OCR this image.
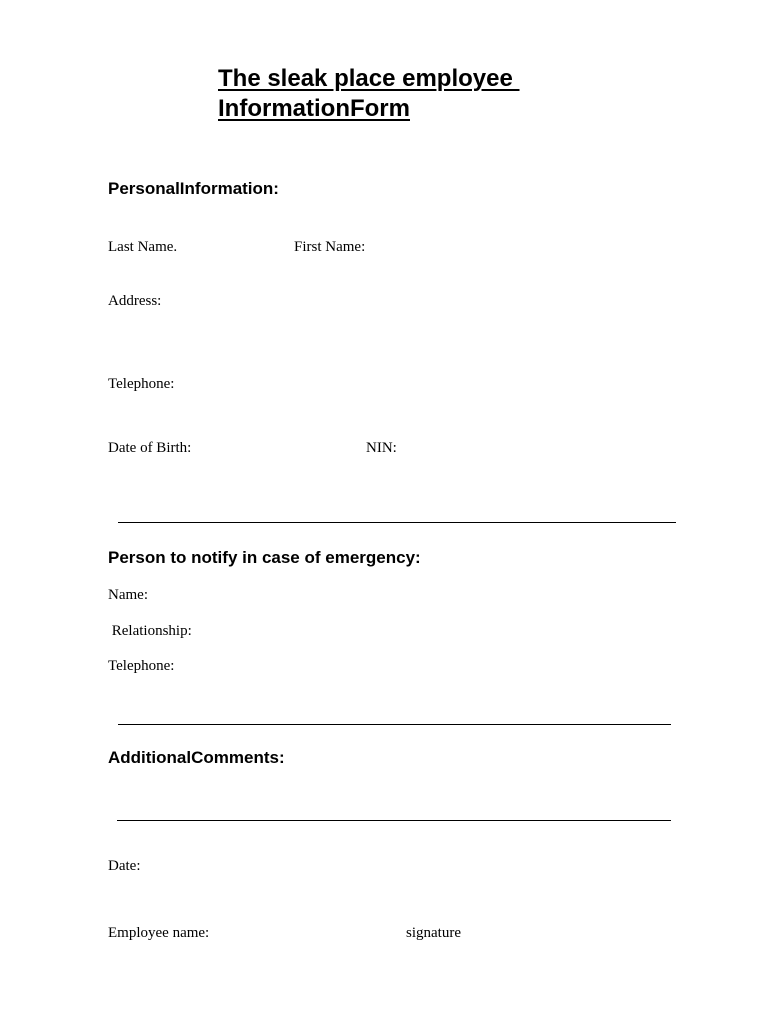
The sleak place employee
InformationForm
PersonalInformation:
Last Name.	First Name:
Address:
Telephone:
Date of Birth:	NIN:
Person to notify in case of emergency:
Name:
Relationship:
Telephone:
AdditionalComments:
Date:
Employee name:	signature
